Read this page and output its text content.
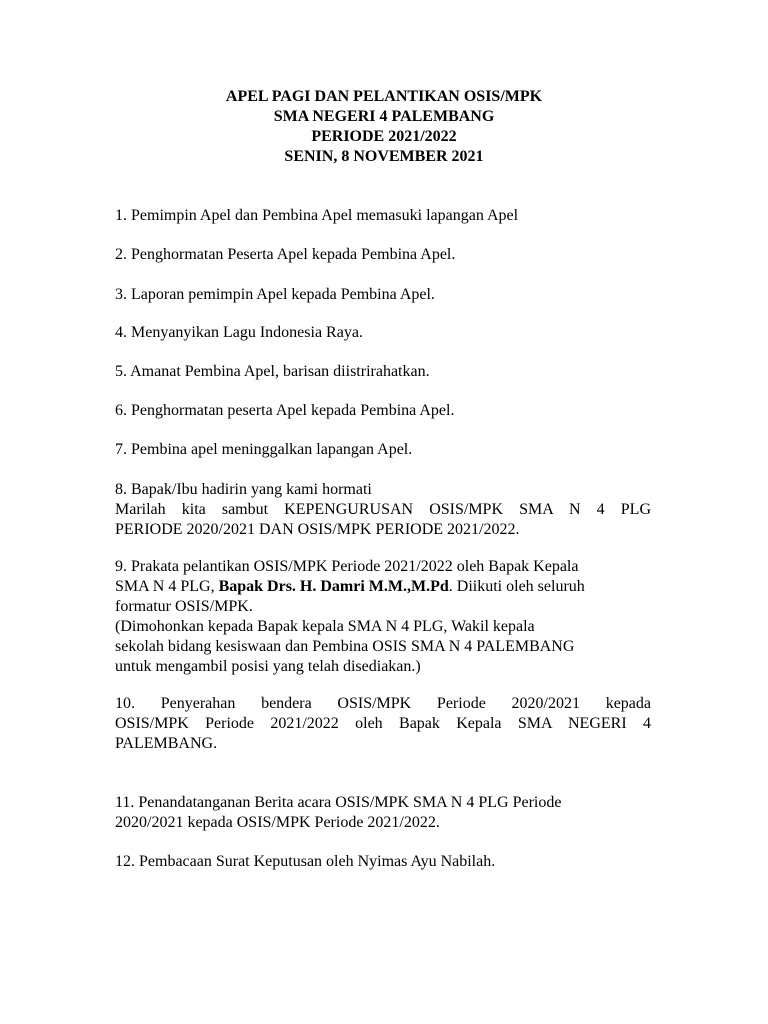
APEL PAGI DAN PELANTIKAN OSIS/MPK
SMA NEGERI 4 PALEMBANG
PERIODE 2021/2022
SENIN, 8 NOVEMBER 2021

1. Pemimpin Apel dan Pembina Apel memasuki lapangan Apel

2. Penghormatan Peserta Apel kepada Pembina Apel.

3. Laporan pemimpin Apel kepada Pembina Apel.

4. Menyanyikan Lagu Indonesia Raya.

5. Amanat Pembina Apel, barisan diistrirahatkan.

6. Penghormatan peserta Apel kepada Pembina Apel.

7. Pembina apel meninggalkan lapangan Apel.

8. Bapak/Ibu hadirin yang kami hormati

Marilah kita sambut KEPENGURUSAN OSIS/MPK SMA N 4 PLG

PERIODE 2020/2021 DAN OSIS/MPK PERIODE 2021/2022.

9. Prakata pelantikan OSIS/MPK Periode 2021/2022 oleh Bapak Kepala

SMA N 4 PLG, Bapak Drs. H. Damri M.M.,M.Pd. Diikuti oleh seluruh

formatur OSIS/MPK.

(Dimohonkan kepada Bapak kepala SMA N 4 PLG, Wakil kepala

sekolah bidang kesiswaan dan Pembina OSIS SMA N 4 PALEMBANG

untuk mengambil posisi yang telah disediakan.)

10. Penyerahan bendera OSIS/MPK Periode 2020/2021 kepada

OSIS/MPK Periode 2021/2022 oleh Bapak Kepala SMA NEGERI 4

PALEMBANG.

11. Penandatanganan Berita acara OSIS/MPK SMA N 4 PLG Periode

2020/2021 kepada OSIS/MPK Periode 2021/2022.

12. Pembacaan Surat Keputusan oleh Nyimas Ayu Nabilah.
